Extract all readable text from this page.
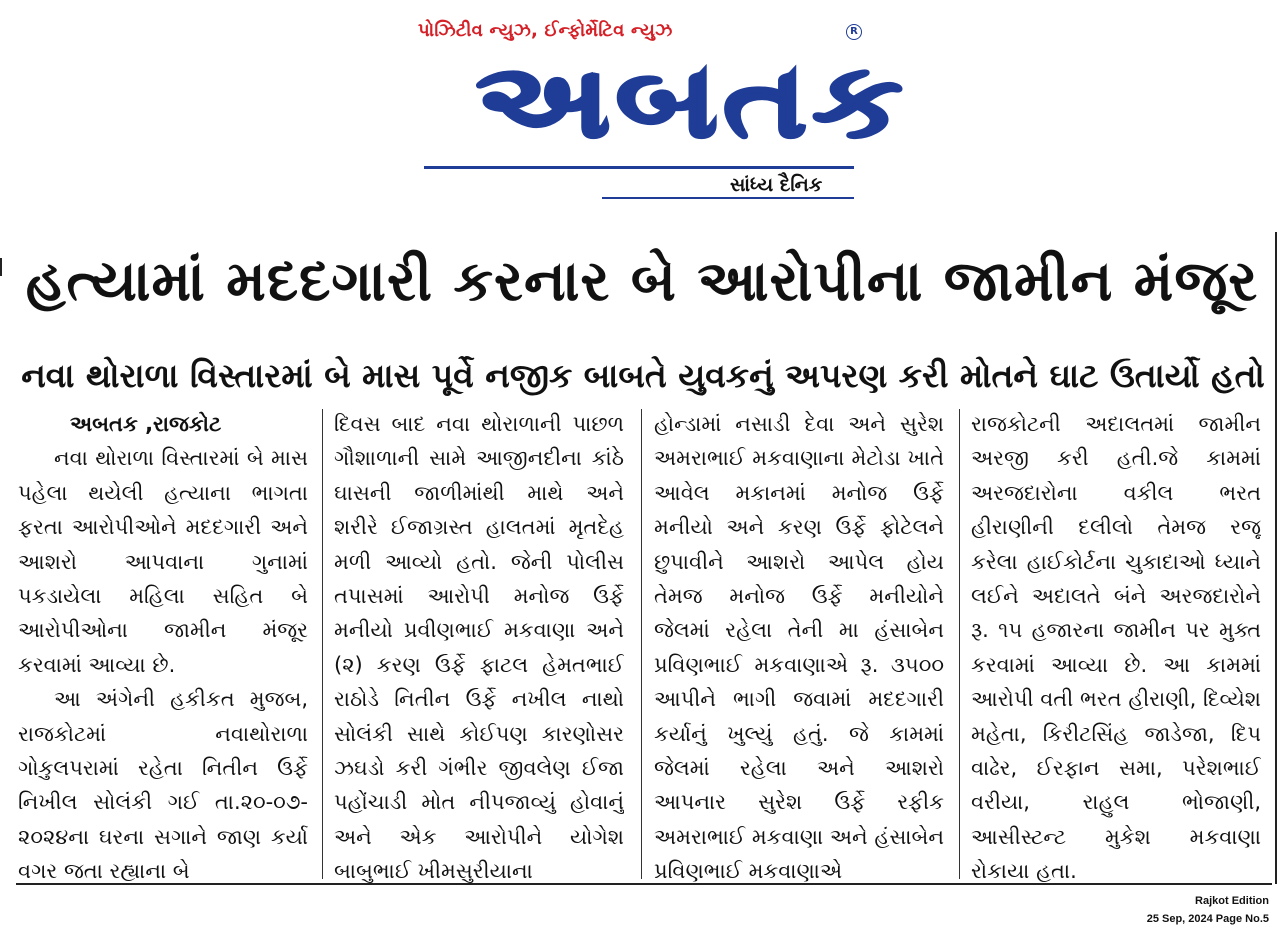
પોઝિટીવ ન્યુઝ, ઈન્ફોર્મેટિવ ન્યુઝ	R
અબતક
સાંધ્ય દૈનિક
હત્યામાં મદદગારી કરનાર બે આરોપીના જામીન મંજૂર
નવા થોરાળા વિસ્તારમાં બે માસ પૂર્વે નજીક બાબતે યુવકનું અપરણ કરી મોતને ઘાટ ઉતાર્યો હતો

અબતક ,રાજકોટ

નવા થોરાળા વિસ્તારમાં બે માસ પહેલા થયેલી હત્યાના ભાગતા ફરતા આરોપીઓને મદદગારી અને આશરો આપવાના ગુનામાં પકડાયેલા મહિલા સહિત બે આરોપીઓના જામીન મંજૂર કરવામાં આવ્યા છે.

આ અંગેની હકીકત મુજબ, રાજકોટમાં નવાથોરાળા ગોકુલપરામાં રહેતા નિતીન ઉર્ફે નિખીલ સોલંકી ગઈ તા.૨૦-૦૭- ૨૦૨૪ના ઘરના સગાને જાણ કર્યા વગર જતા રહ્યાના બે

દિવસ બાદ નવા થોરાળાની પાછળ ગૌશાળાની સામે આજીનદીના કાંઠે ઘાસની જાળીમાંથી માથે અને શરીરે ઈજાગ્રસ્ત હાલતમાં મૃતદેહ મળી આવ્યો હતો. જેની પોલીસ તપાસમાં આરોપી મનોજ ઉર્ફે મનીયો પ્રવીણભાઈ મકવાણા અને (૨) કરણ ઉર્ફે ફાટલ હેમતભાઈ રાઠોડે નિતીન ઉર્ફે નખીલ નાથો સોલંકી સાથે કોઈપણ કારણોસર ઝઘડો કરી ગંભીર જીવલેણ ઈજા પહોંચાડી મોત નીપજાવ્યું હોવાનું અને એક આરોપીને યોગેશ બાબુભાઈ ખીમસુરીયાના

હોન્ડામાં નસાડી દેવા અને સુરેશ અમરાભાઈ મકવાણાના મેટોડા ખાતે આવેલ મકાનમાં મનોજ ઉર્ફે મનીયો અને કરણ ઉર્ફે ફોટેલને છુપાવીને આશરો આપેલ હોય તેમજ મનોજ ઉર્ફે મનીયોને જેલમાં રહેલા તેની મા હંસાબેન પ્રવિણભાઈ મકવાણાએ રૂ. ૩૫૦૦ આપીને ભાગી જવામાં મદદગારી કર્યાનું ખુલ્યું હતું. જે કામમાં જેલમાં રહેલા અને આશરો આપનાર સુરેશ ઉર્ફે રફીક અમરાભાઈ મકવાણા અને હંસાબેન પ્રવિણભાઈ મકવાણાએ

રાજકોટની અદાલતમાં જામીન અરજી કરી હતી.જે કામમાં અરજદારોના વકીલ ભરત હીરાણીની દલીલો તેમજ રજૂ કરેલા હાઈકોર્ટના ચુકાદાઓ ધ્યાને લઈને અદાલતે બંને અરજદારોને રૂ. ૧૫ હજારના જામીન પર મુક્ત કરવામાં આવ્યા છે. આ કામમાં આરોપી વતી ભરત હીરાણી, દિવ્યેશ મહેતા, કિરીટસિંહ જાડેજા, દિપ વાઢેર, ઈરફાન સમા, પરેશભાઈ વરીયા, રાહુલ ભોજાણી, આસીસ્ટન્ટ મુકેશ મકવાણા રોકાયા હતા.

Rajkot Edition
25 Sep, 2024 Page No.5
